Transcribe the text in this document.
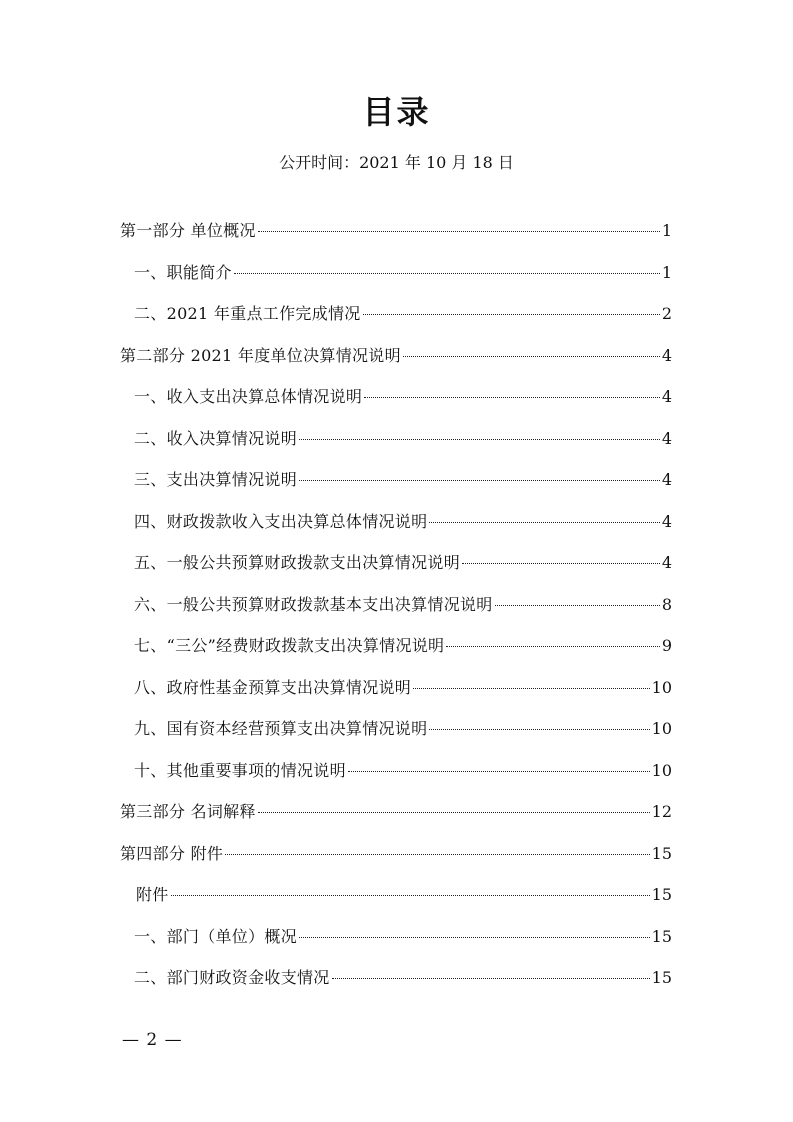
目录
公开时间：2021 年 10 月 18 日
第一部分 单位概况	1
一、职能简介	1
二、2021 年重点工作完成情况	2
第二部分 2021 年度单位决算情况说明	4
一、收入支出决算总体情况说明	4
二、收入决算情况说明	4
三、支出决算情况说明	4
四、财政拨款收入支出决算总体情况说明	4
五、一般公共预算财政拨款支出决算情况说明	4
六、一般公共预算财政拨款基本支出决算情况说明	8
七、“三公”经费财政拨款支出决算情况说明	9
八、政府性基金预算支出决算情况说明	10
九、国有资本经营预算支出决算情况说明	10
十、其他重要事项的情况说明	10
第三部分 名词解释	12
第四部分 附件	15
附件	15
一、部门（单位）概况	15
二、部门财政资金收支情况	15
— 2 —
